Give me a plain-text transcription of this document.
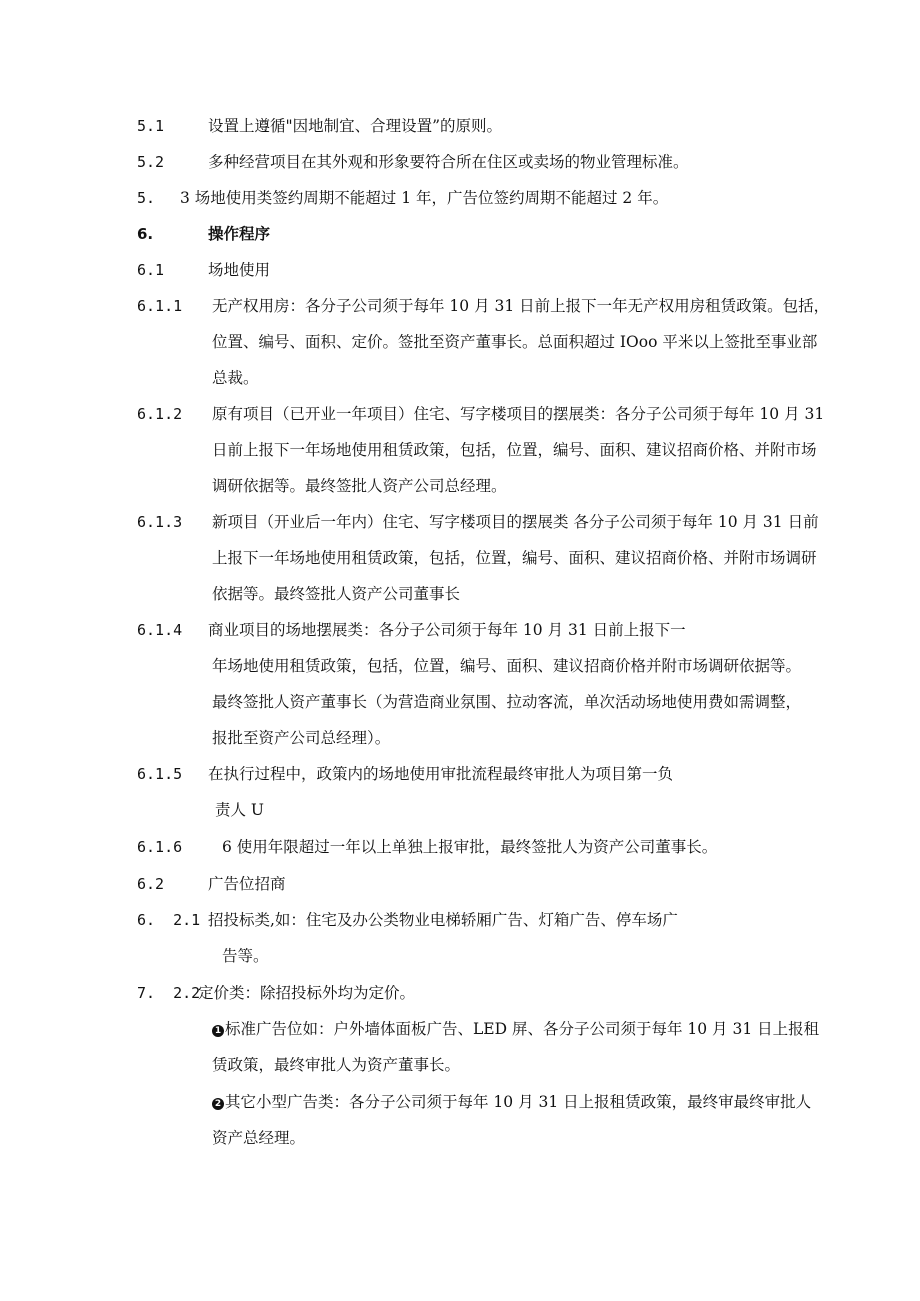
5.1	设置上遵循"因地制宜、合理设置”的原则。
5.2	多种经营项目在其外观和形象要符合所在住区或卖场的物业管理标准。
5. 3 场地使用类签约周期不能超过 1 年，广告位签约周期不能超过 2 年。
6.	操作程序
6.1	场地使用
6.1.1 无产权用房：各分子公司须于每年 10 月 31 日前上报下一年无产权用房租赁政策。包括，
位置、编号、面积、定价。签批至资产董事长。总面积超过 IOoo 平米以上签批至事业部
总裁。
6.1.2 原有项目（已开业一年项目）住宅、写字楼项目的摆展类：各分子公司须于每年 10 月 31
日前上报下一年场地使用租赁政策，包括，位置，编号、面积、建议招商价格、并附市场
调研依据等。最终签批人资产公司总经理。
6.1.3 新项目（开业后一年内）住宅、写字楼项目的摆展类 各分子公司须于每年 10 月 31 日前
上报下一年场地使用租赁政策，包括，位置，编号、面积、建议招商价格、并附市场调研
依据等。最终签批人资产公司董事长
6.1.4 商业项目的场地摆展类：各分子公司须于每年 10 月 31 日前上报下一
年场地使用租赁政策，包括，位置，编号、面积、建议招商价格并附市场调研依据等。
最终签批人资产董事长（为营造商业氛围、拉动客流，单次活动场地使用费如需调整，
报批至资产公司总经理）。
6.1.5 在执行过程中，政策内的场地使用审批流程最终审批人为项目第一负
责人 U
6.1.6	6 使用年限超过一年以上单独上报审批，最终签批人为资产公司董事长。
6.2	广告位招商
6.  2.1 招投标类,如：住宅及办公类物业电梯轿厢广告、灯箱广告、停车场广
告等。
7.  2.2
定价类：除招投标外均为定价。
1 标准广告位如：户外墙体面板广告、LED 屏、各分子公司须于每年 10 月 31 日上报租
赁政策，最终审批人为资产董事长。
2 其它小型广告类：各分子公司须于每年 10 月 31 日上报租赁政策，最终审最终审批人
资产总经理。
